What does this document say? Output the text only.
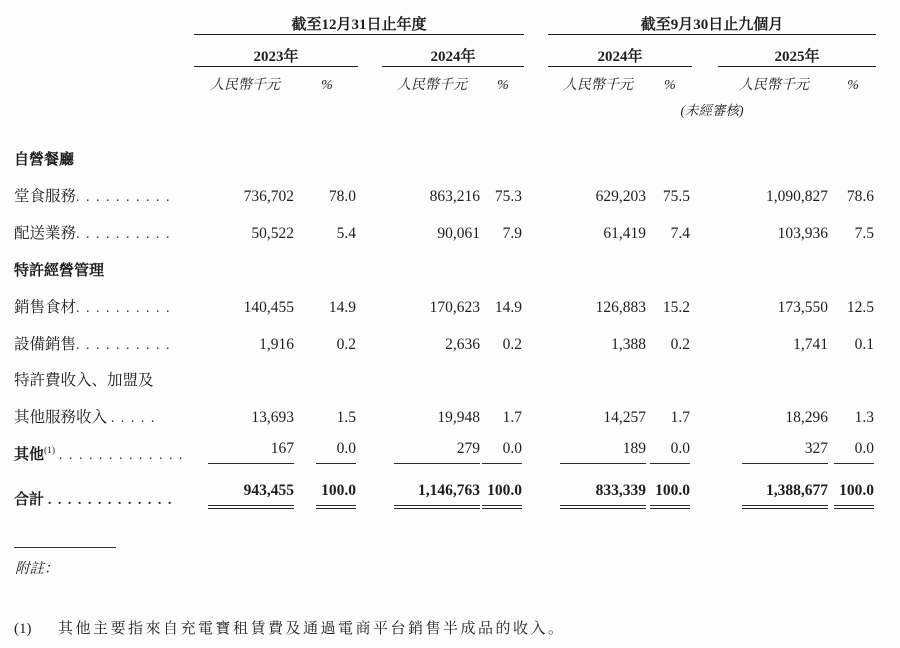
	截至12月31日止年度						截至9月30日止九個月				
	2023年			2024年			2024年			2025年	
	人民幣千元	%		人民幣千元	%		人民幣千元	%		人民幣千元	%
							(未經審核)				
自營餐廳											
堂食服務. . . . . . . . . .	736,702	78.0		863,216	75.3		629,203	75.5		1,090,827	78.6
配送業務. . . . . . . . . .	50,522	5.4		90,061	7.9		61,419	7.4		103,936	7.5
特許經營管理											
銷售食材. . . . . . . . . .	140,455	14.9		170,623	14.9		126,883	15.2		173,550	12.5
設備銷售. . . . . . . . . .	1,916	0.2		2,636	0.2		1,388	0.2		1,741	0.1
特許費收入、加盟及											
其他服務收入 . . . . .	13,693	1.5		19,948	1.7		14,257	1.7		18,296	1.3
其他$^{(1)}$ . . . . . . . . . . . . .	167	0.0		279	0.0		189	0.0		327	0.0
合計 . . . . . . . . . . . . .	943,455	100.0		1,146,763	100.0		833,339	100.0		1,388,677	100.0
附註：
(1)	其他主要指來自充電寶租賃費及通過電商平台銷售半成品的收入。
